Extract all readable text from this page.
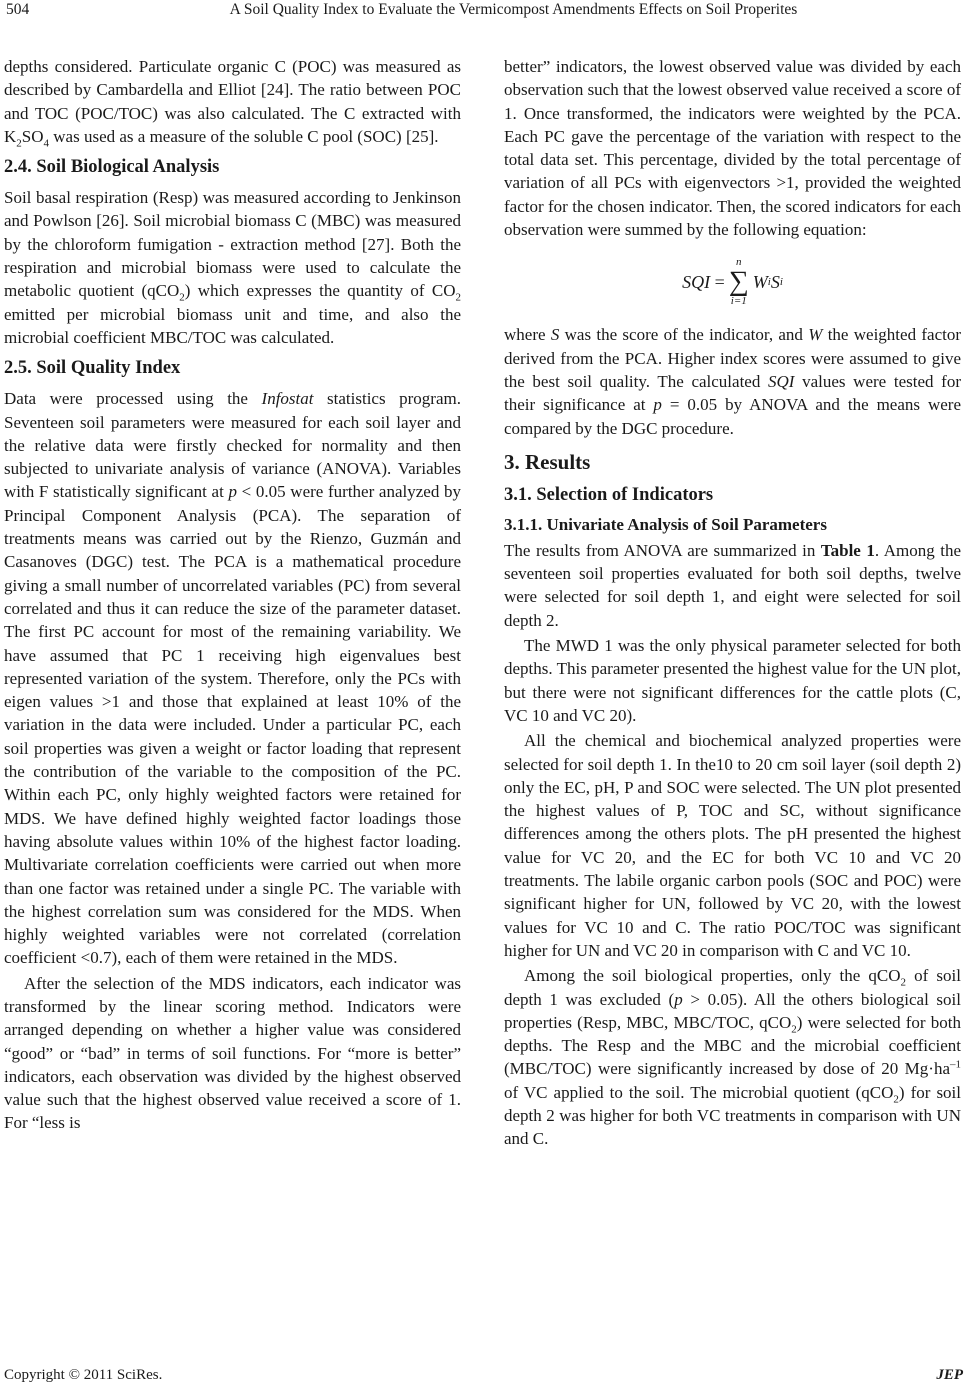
504	A Soil Quality Index to Evaluate the Vermicompost Amendments Effects on Soil Properites

depths considered. Particulate organic C (POC) was measured as described by Cambardella and Elliot [24]. The ratio between POC and TOC (POC/TOC) was also calculated. The C extracted with $K_2SO_4$ was used as a measure of the soluble C pool (SOC) [25].

2.4. Soil Biological Analysis

Soil basal respiration (Resp) was measured according to Jenkinson and Powlson [26]. Soil microbial biomass C (MBC) was measured by the chloroform fumigation - extraction method [27]. Both the respiration and microbial biomass were used to calculate the metabolic quotient (qCO$_2$) which expresses the quantity of $CO_2$ emitted per microbial biomass unit and time, and also the microbial coefficient MBC/TOC was calculated.

2.5. Soil Quality Index

Data were processed using the Infostat statistics program. Seventeen soil parameters were measured for each soil layer and the relative data were firstly checked for normality and then subjected to univariate analysis of variance (ANOVA). Variables with F statistically significant at p < 0.05 were further analyzed by Principal Component Analysis (PCA). The separation of treatments means was carried out by the Rienzo, Guzmán and Casanoves (DGC) test. The PCA is a mathematical procedure giving a small number of uncorrelated variables (PC) from several correlated and thus it can reduce the size of the parameter dataset. The first PC account for most of the remaining variability. We have assumed that PC 1 receiving high eigenvalues best represented variation of the system. Therefore, only the PCs with eigen values >1 and those that explained at least 10% of the variation in the data were included. Under a particular PC, each soil properties was given a weight or factor loading that represent the contribution of the variable to the composition of the PC. Within each PC, only highly weighted factors were retained for MDS. We have defined highly weighted factor loadings those having absolute values within 10% of the highest factor loading. Multivariate correlation coefficients were carried out when more than one factor was retained under a single PC. The variable with the highest correlation sum was considered for the MDS. When highly weighted variables were not correlated (correlation coefficient <0.7), each of them were retained in the MDS.

After the selection of the MDS indicators, each indicator was transformed by the linear scoring method. Indicators were arranged depending on whether a higher value was considered “good” or “bad” in terms of soil functions. For “more is better” indicators, each observation was divided by the highest observed value such that the highest observed value received a score of 1. For “less is

better” indicators, the lowest observed value was divided by each observation such that the lowest observed value received a score of 1. Once transformed, the indicators were weighted by the PCA. Each PC gave the percentage of the variation with respect to the total data set. This percentage, divided by the total percentage of variation of all PCs with eigenvectors >1, provided the weighted factor for the chosen indicator. Then, the scored indicators for each observation were summed by the following equation:

SQI
=
n
∑
i=1
W i S i

where S was the score of the indicator, and W the weighted factor derived from the PCA. Higher index scores were assumed to give the best soil quality. The calculated SQI values were tested for their significance at p = 0.05 by ANOVA and the means were compared by the DGC procedure.

3. Results
3.1. Selection of Indicators
3.1.1. Univariate Analysis of Soil Parameters

The results from ANOVA are summarized in Table 1. Among the seventeen soil properties evaluated for both soil depths, twelve were selected for soil depth 1, and eight were selected for soil depth 2.

The MWD 1 was the only physical parameter selected for both depths. This parameter presented the highest value for the UN plot, but there were not significant differences for the cattle plots (C, VC 10 and VC 20).

All the chemical and biochemical analyzed properties were selected for soil depth 1. In the10 to 20 cm soil layer (soil depth 2) only the EC, pH, P and SOC were selected. The UN plot presented the highest values of P, TOC and SC, without significance differences among the others plots. The pH presented the highest value for VC 20, and the EC for both VC 10 and VC 20 treatments. The labile organic carbon pools (SOC and POC) were significant higher for UN, followed by VC 20, with the lowest values for VC 10 and C. The ratio POC/TOC was significant higher for UN and VC 20 in comparison with C and VC 10.

Among the soil biological properties, only the qCO$_2$ of soil depth 1 was excluded (p > 0.05). All the others biological soil properties (Resp, MBC, MBC/TOC, qCO$_2$) were selected for both depths. The Resp and the MBC and the microbial coefficient (MBC/TOC) were significantly increased by dose of 20 $Mg\cdot ha^{-1}$ of VC applied to the soil. The microbial quotient (qCO$_2$) for soil depth 2 was higher for both VC treatments in comparison with UN and C.

Copyright © 2011 SciRes.	JEP
